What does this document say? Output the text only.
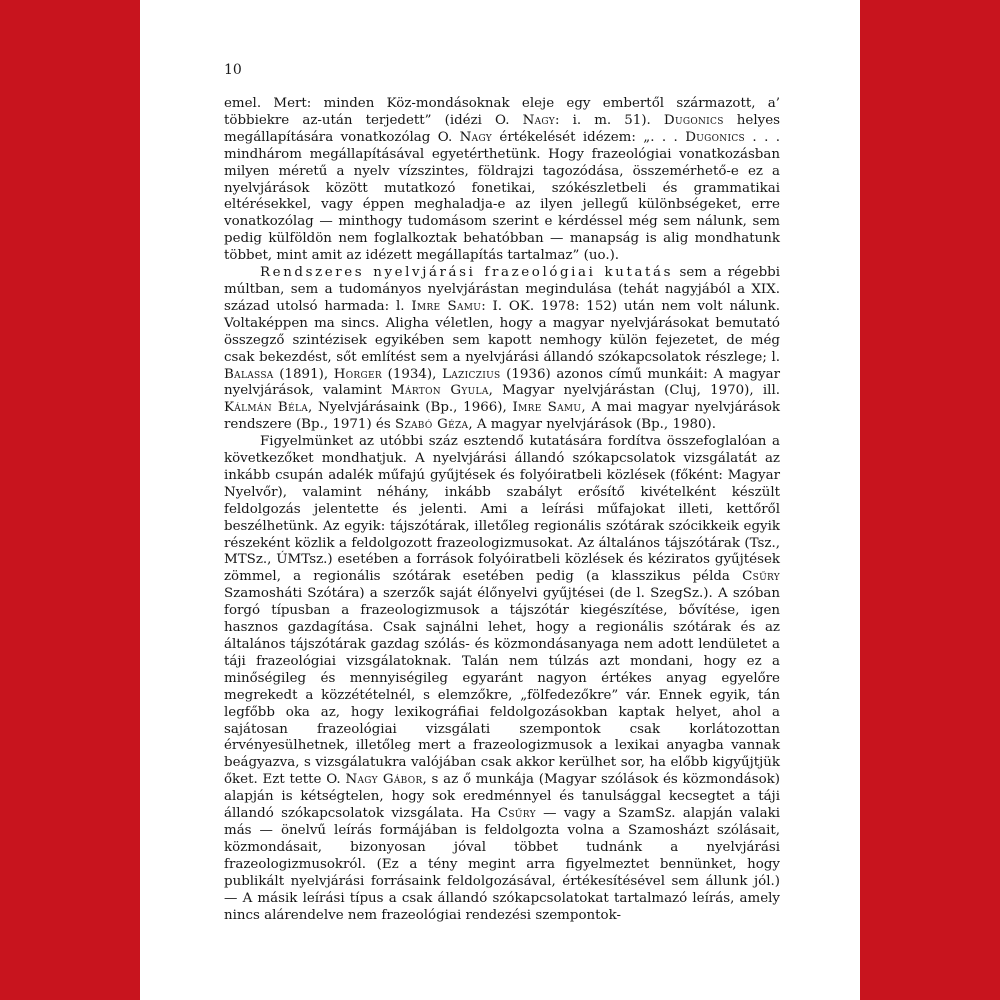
10

emel. Mert: minden Köz-mondásoknak eleje egy embertől származott, a’ többiekre az-után terjedett” (idézi O. Nagy: i. m. 51). Dugonics helyes megállapítására vonatkozólag O. Nagy értékelését idézem: „. . . Dugonics . . . mindhárom megállapításával egyetérthetünk. Hogy frazeológiai vonatkozásban milyen méretű a nyelv vízszintes, földrajzi tagozódása, összemérhető-e ez a nyelvjárások között mutatkozó fonetikai, szókészletbeli és grammatikai eltérésekkel, vagy éppen meghaladja-e az ilyen jellegű különbségeket, erre vonatkozólag — minthogy tudomásom szerint e kérdéssel még sem nálunk, sem pedig külföldön nem foglalkoztak behatóbban — manapság is alig mondhatunk többet, mint amit az idézett megállapítás tartalmaz” (uo.).

Rendszeres nyelvjárási frazeológiai kutatás sem a régebbi múltban, sem a tudományos nyelvjárástan megindulása (tehát nagyjából a XIX. század utolsó harmada: l. Imre Samu: I. OK. 1978: 152) után nem volt nálunk. Voltaképpen ma sincs. Aligha véletlen, hogy a magyar nyelvjárásokat bemutató összegző szintézisek egyikében sem kapott nemhogy külön fejezetet, de még csak bekezdést, sőt említést sem a nyelvjárási állandó szókapcsolatok részlege; l. Balassa (1891), Horger (1934), Laziczius (1936) azonos című munkáit: A magyar nyelvjárások, valamint Márton Gyula, Magyar nyelvjárástan (Cluj, 1970), ill. Kálmán Béla, Nyelvjárásaink (Bp., 1966), Imre Samu, A mai magyar nyelvjárások rendszere (Bp., 1971) és Szabó Géza, A magyar nyelvjárások (Bp., 1980).

Figyelmünket az utóbbi száz esztendő kutatására fordítva összefoglalóan a következőket mondhatjuk. A nyelvjárási állandó szókapcsolatok vizsgálatát az inkább csupán adalék műfajú gyűjtések és folyóiratbeli közlések (főként: Magyar Nyelvőr), valamint néhány, inkább szabályt erősítő kivételként készült feldolgozás jelentette és jelenti. Ami a leírási műfajokat illeti, kettőről beszélhetünk. Az egyik: tájszótárak, illetőleg regionális szótárak szócikkeik egyik részeként közlik a feldolgozott frazeologizmusokat. Az általános tájszótárak (Tsz., MTSz., ÚMTsz.) esetében a források folyóiratbeli közlések és kéziratos gyűjtések zömmel, a regionális szótárak esetében pedig (a klasszikus példa Csűry Szamosháti Szótára) a szerzők saját élőnyelvi gyűjtései (de l. SzegSz.). A szóban forgó típusban a frazeologizmusok a tájszótár kiegészítése, bővítése, igen hasznos gazdagítása. Csak sajnálni lehet, hogy a regionális szótárak és az általános tájszótárak gazdag szólás- és közmondásanyaga nem adott lendületet a táji frazeológiai vizsgálatoknak. Talán nem túlzás azt mondani, hogy ez a minőségileg és mennyiségileg egyaránt nagyon értékes anyag egyelőre megrekedt a közzétételnél, s elemzőkre, „fölfedezőkre” vár. Ennek egyik, tán legfőbb oka az, hogy lexikográfiai feldolgozásokban kaptak helyet, ahol a sajátosan frazeológiai vizsgálati szempontok csak korlátozottan érvényesülhetnek, illetőleg mert a frazeologizmusok a lexikai anyagba vannak beágyazva, s vizsgálatukra valójában csak akkor kerülhet sor, ha előbb kigyűjtjük őket. Ezt tette O. Nagy Gábor, s az ő munkája (Magyar szólások és közmondások) alapján is kétségtelen, hogy sok eredménnyel és tanulsággal kecsegtet a táji állandó szókapcsolatok vizsgálata. Ha Csűry — vagy a SzamSz. alapján valaki más — önelvű leírás formájában is feldolgozta volna a Szamosházt szólásait, közmondásait, bizonyosan jóval többet tudnánk a nyelvjárási frazeologizmusokról. (Ez a tény megint arra figyelmeztet bennünket, hogy publikált nyelvjárási forrásaink feldolgozásával, értékesítésével sem állunk jól.) — A másik leírási típus a csak állandó szókapcsolatokat tartalmazó leírás, amely nincs alárendelve nem frazeológiai rendezési szempontok-
